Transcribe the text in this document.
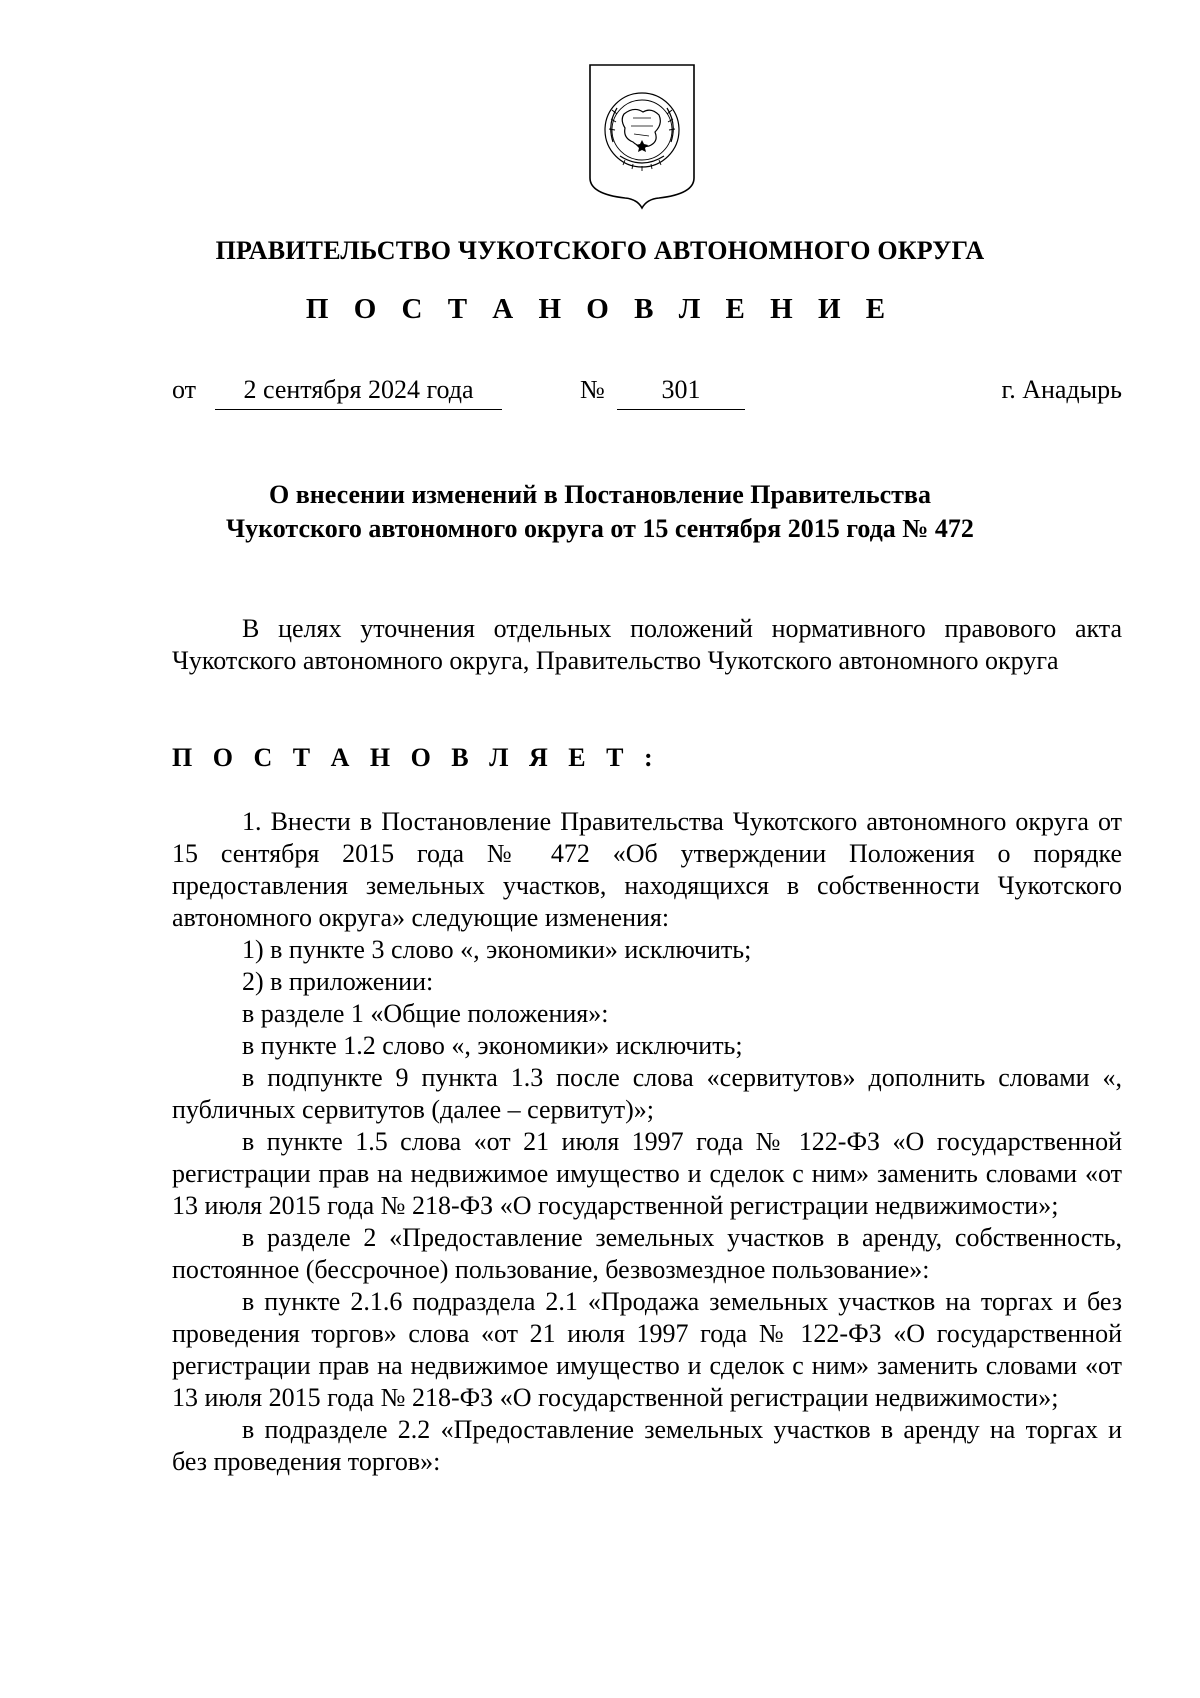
ПРАВИТЕЛЬСТВО ЧУКОТСКОГО АВТОНОМНОГО ОКРУГА
П О С Т А Н О В Л Е Н И Е
от	2 сентября 2024 года	№	301	г. Анадырь
О внесении изменений в Постановление Правительства
Чукотского автономного округа от 15 сентября 2015 года № 472

В целях уточнения отдельных положений нормативного правового акта Чукотского автономного округа, Правительство Чукотского автономного округа

П О С Т А Н О В Л Я Е Т :

1. Внести в Постановление Правительства Чукотского автономного округа от 15 сентября 2015 года № 472 «Об утверждении Положения о порядке предоставления земельных участков, находящихся в собственности Чукотского автономного округа» следующие изменения:

1) в пункте 3 слово «, экономики» исключить;

2) в приложении:

в разделе 1 «Общие положения»:

в пункте 1.2 слово «, экономики» исключить;

в подпункте 9 пункта 1.3 после слова «сервитутов» дополнить словами «, публичных сервитутов (далее – сервитут)»;

в пункте 1.5 слова «от 21 июля 1997 года № 122-ФЗ «О государственной регистрации прав на недвижимое имущество и сделок с ним» заменить словами «от 13 июля 2015 года № 218-ФЗ «О государственной регистрации недвижимости»;

в разделе 2 «Предоставление земельных участков в аренду, собственность, постоянное (бессрочное) пользование, безвозмездное пользование»:

в пункте 2.1.6 подраздела 2.1 «Продажа земельных участков на торгах и без проведения торгов» слова «от 21 июля 1997 года № 122-ФЗ «О государственной регистрации прав на недвижимое имущество и сделок с ним» заменить словами «от 13 июля 2015 года № 218-ФЗ «О государственной регистрации недвижимости»;

в подразделе 2.2 «Предоставление земельных участков в аренду на торгах и без проведения торгов»:
